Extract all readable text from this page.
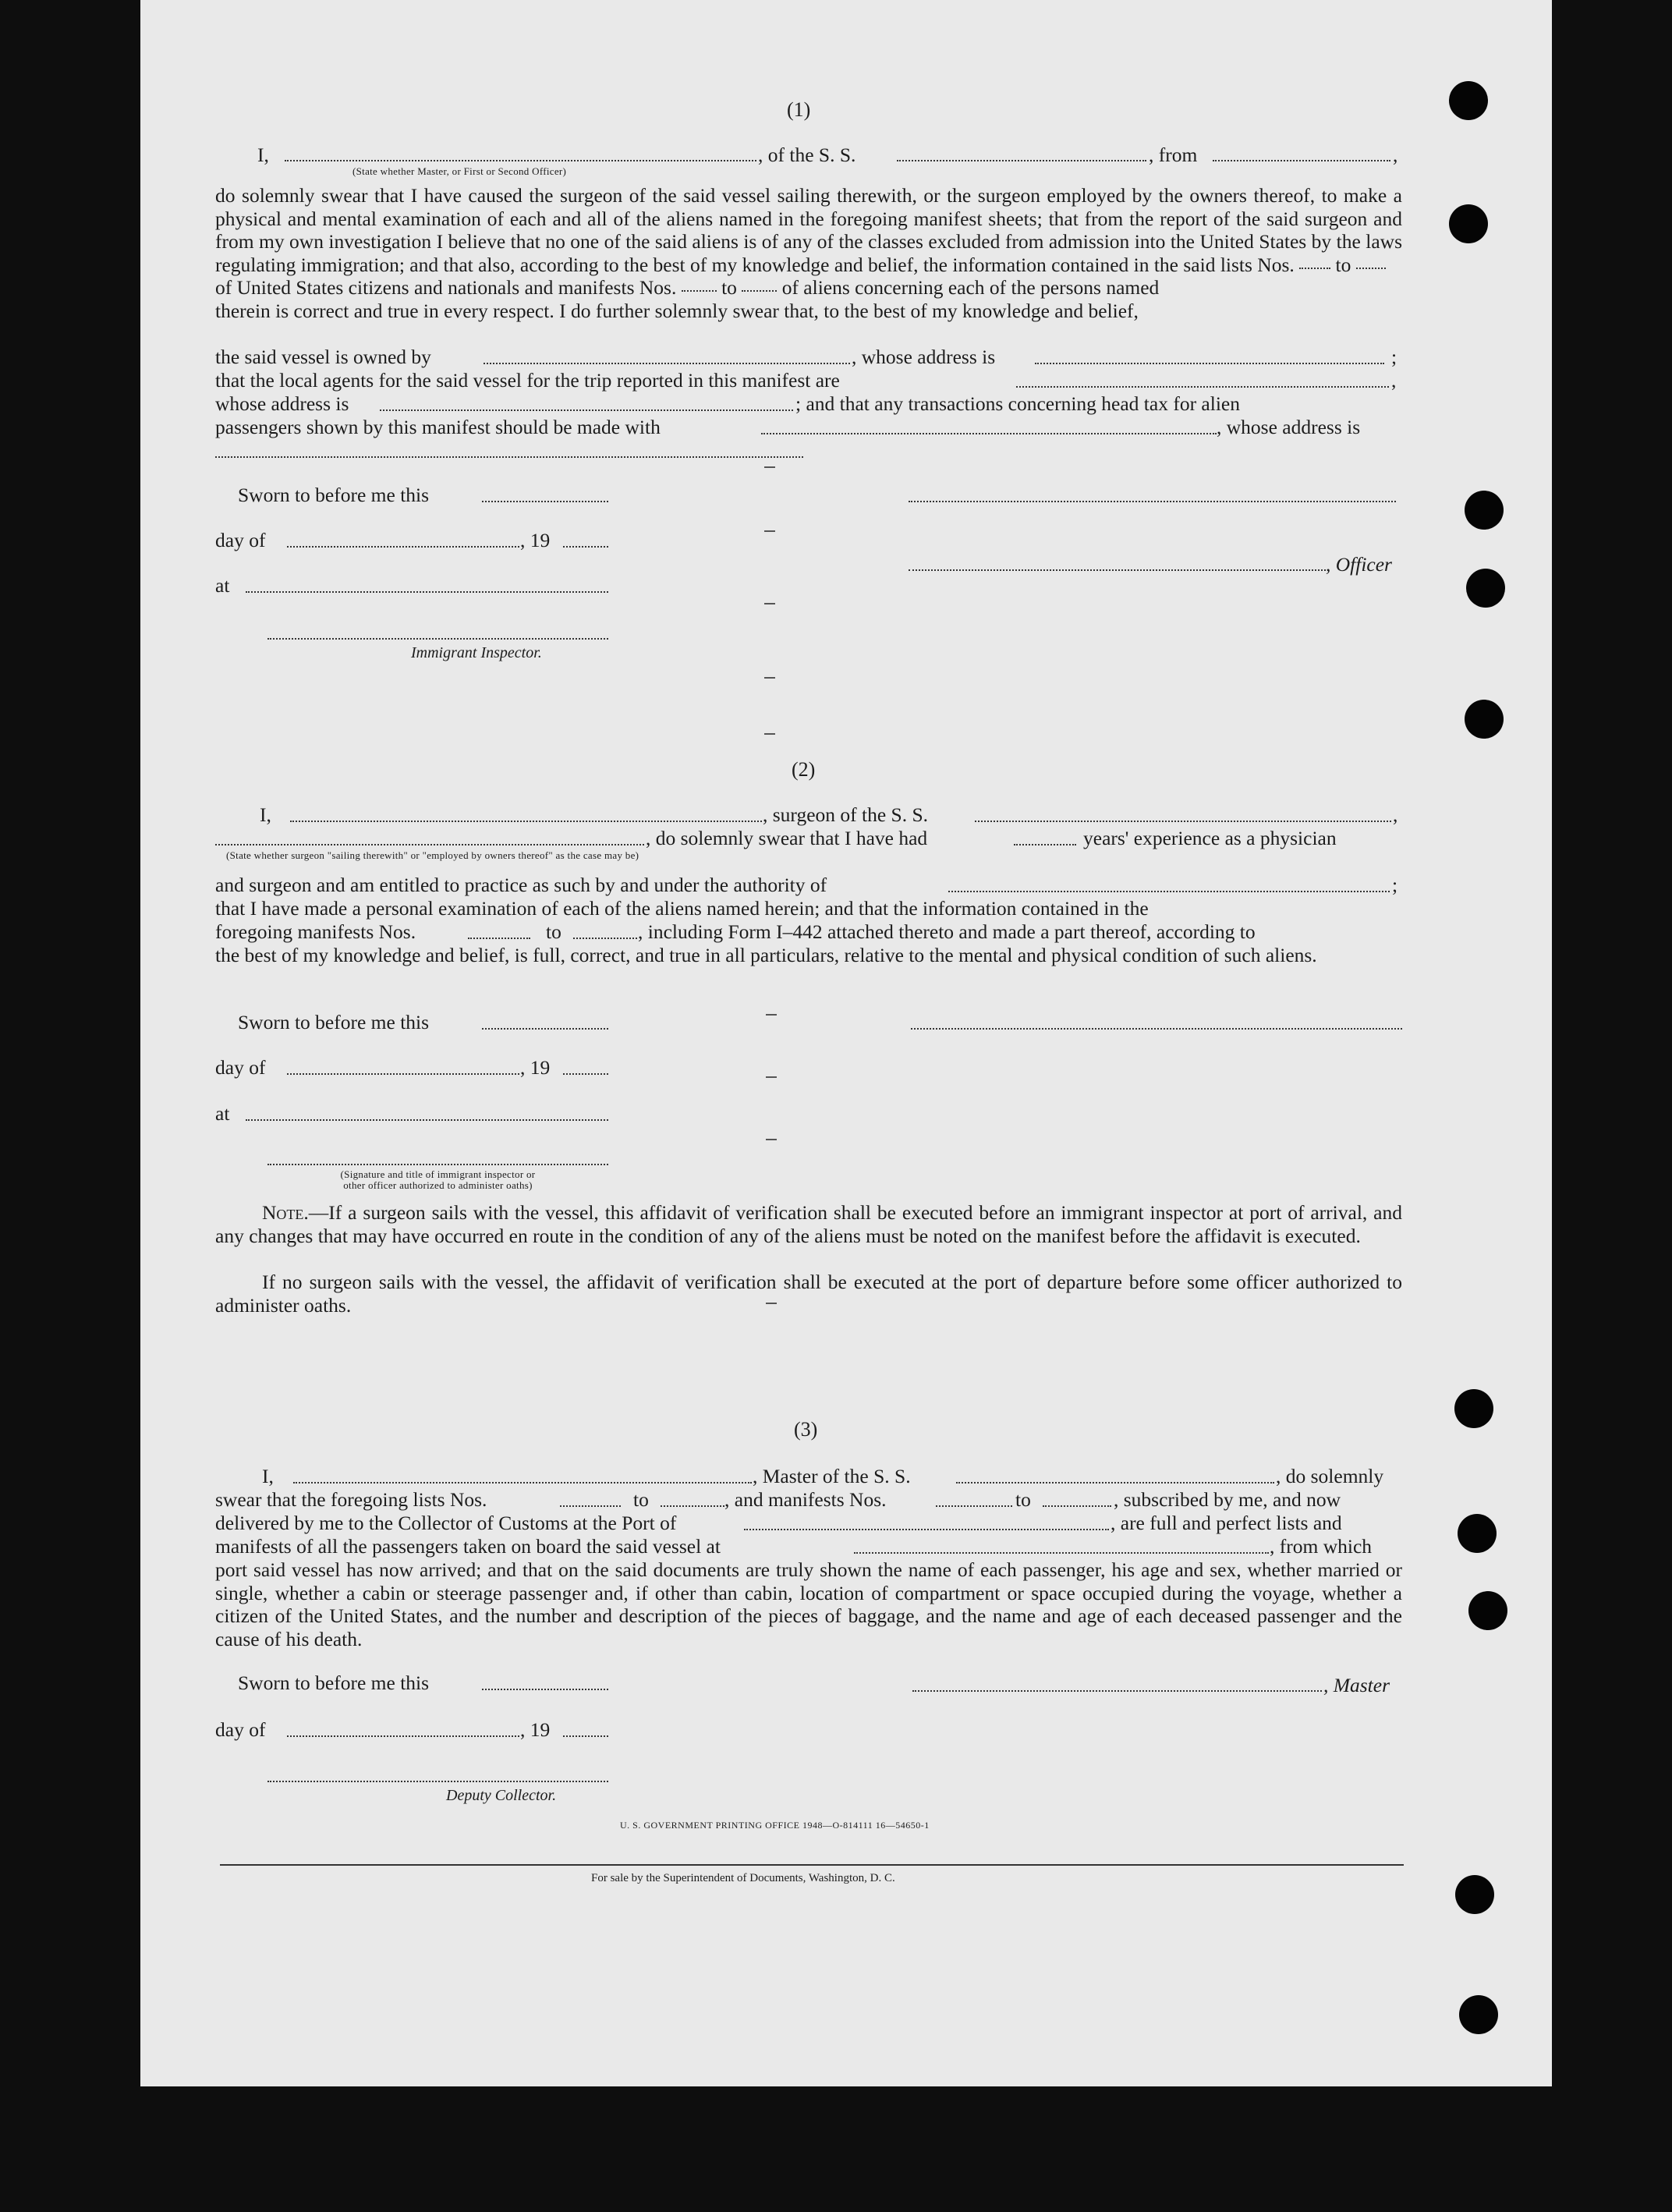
(1)
I,	, of the S. S.	, from	,
(State whether Master, or First or Second Officer)
do solemnly swear that I have caused the surgeon of the said vessel sailing therewith, or the surgeon employed by the owners thereof, to make a physical and mental examination of each and all of the aliens named in the foregoing manifest sheets; that from the report of the said surgeon and from my own investigation I believe that no one of the said aliens is of any of the classes excluded from admission into the United States by the laws regulating immigration; and that also, according to the best of my knowledge and belief, the information contained in the said lists Nos. to
of United States citizens and nationals and manifests Nos. to of aliens concerning each of the persons named
therein is correct and true in every respect. I do further solemnly swear that, to the best of my knowledge and belief,
the said vessel is owned by	, whose address is	;
that the local agents for the said vessel for the trip reported in this manifest are	,
whose address is	; and that any transactions concerning head tax for alien
passengers shown by this manifest should be made with	, whose address is
Sworn to before me this
day of	, 19
at
, Officer
Immigrant Inspector.
(2)
I,	, surgeon of the S. S.	,
, do solemnly swear that I have had	years' experience as a physician
(State whether surgeon "sailing therewith" or "employed by owners thereof" as the case may be)
and surgeon and am entitled to practice as such by and under the authority of	;
that I have made a personal examination of each of the aliens named herein; and that the information contained in the
foregoing manifests Nos.	to	, including Form I–442 attached thereto and made a part thereof, according to
the best of my knowledge and belief, is full, correct, and true in all particulars, relative to the mental and physical condition of such aliens.
Sworn to before me this
day of	, 19
at
(Signature and title of immigrant inspector or
other officer authorized to administer oaths)
Note.—If a surgeon sails with the vessel, this affidavit of verification shall be executed before an immigrant inspector at port of arrival, and any changes that may have occurred en route in the condition of any of the aliens must be noted on the manifest before the affidavit is executed.
If no surgeon sails with the vessel, the affidavit of verification shall be executed at the port of departure before some officer authorized to administer oaths.
(3)
I,	, Master of the S. S.	, do solemnly
swear that the foregoing lists Nos.	to	, and manifests Nos.	to	, subscribed by me, and now
delivered by me to the Collector of Customs at the Port of	, are full and perfect lists and
manifests of all the passengers taken on board the said vessel at	, from which
port said vessel has now arrived; and that on the said documents are truly shown the name of each passenger, his age and sex, whether married or single, whether a cabin or steerage passenger and, if other than cabin, location of compartment or space occupied during the voyage, whether a citizen of the United States, and the number and description of the pieces of baggage, and the name and age of each deceased passenger and the cause of his death.
Sworn to before me this	, Master
day of	, 19
Deputy Collector.
U. S. GOVERNMENT PRINTING OFFICE 1948—O-814111 16—54650-1
For sale by the Superintendent of Documents, Washington, D. C.
